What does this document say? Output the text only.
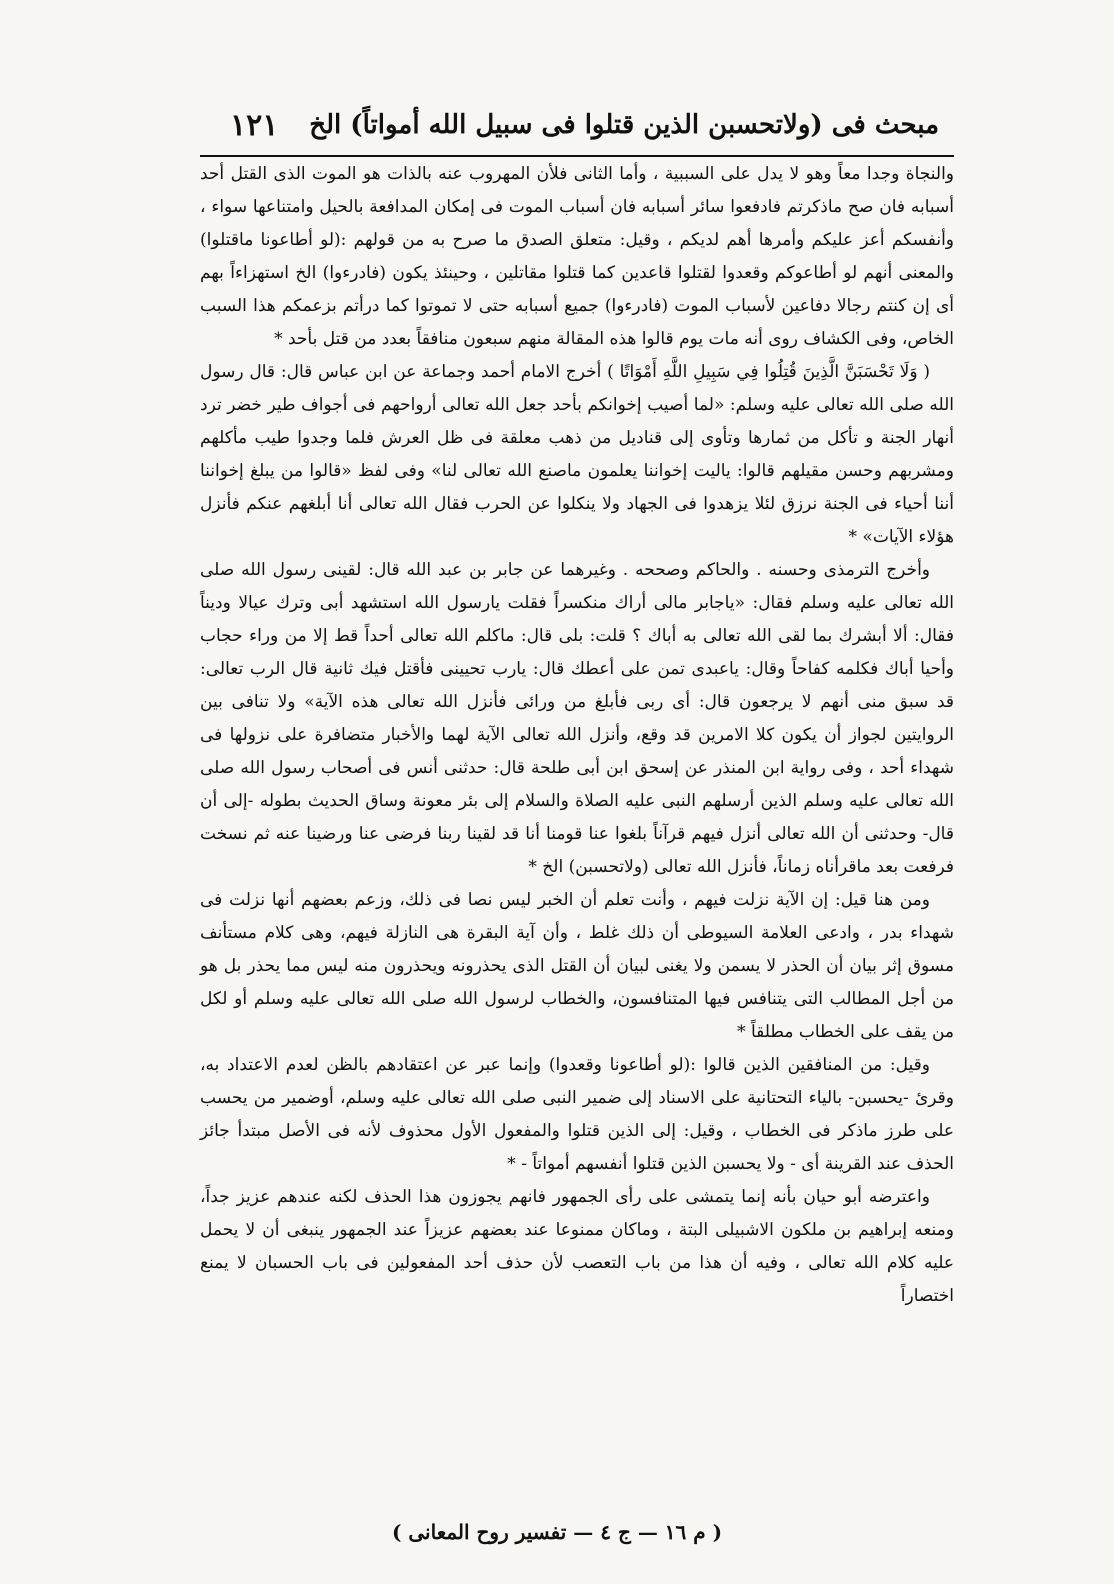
مبحث فى (ولاتحسبن الذين قتلوا فى سبيل الله أمواتاً) الخ
١٢١

والنجاة وجدا معاً وهو لا يدل على السببية ، وأما الثانى فلأن المهروب عنه بالذات هو الموت الذى القتل أحد أسبابه فان صح ماذكرتم فادفعوا سائر أسبابه فان أسباب الموت فى إمكان المدافعة بالحيل وامتناعها سواء ، وأنفسكم أعز عليكم وأمرها أهم لديكم ، وقيل: متعلق الصدق ما صرح به من قولهم :(لو أطاعونا ماقتلوا) والمعنى أنهم لو أطاعوكم وقعدوا لقتلوا قاعدين كما قتلوا مقاتلين ، وحينئذ يكون (فادرءوا) الخ استهزاءاً بهم أى إن كنتم رجالا دفاعين لأسباب الموت (فادرءوا) جميع أسبابه حتى لا تموتوا كما درأتم بزعمكم هذا السبب الخاص، وفى الكشاف روى أنه مات يوم قالوا هذه المقالة منهم سبعون منافقاً بعدد من قتل بأحد *

( وَلَا تَحْسَبَنَّ الَّذِينَ قُتِلُوا فِي سَبِيلِ اللَّهِ أَمْوَاتًا ) أخرج الامام أحمد وجماعة عن ابن عباس قال: قال رسول الله صلى الله تعالى عليه وسلم: «لما أصيب إخوانكم بأحد جعل الله تعالى أرواحهم فى أجواف طير خضر ترد أنهار الجنة و تأكل من ثمارها وتأوى إلى قناديل من ذهب معلقة فى ظل العرش فلما وجدوا طيب مأكلهم ومشربهم وحسن مقيلهم قالوا: ياليت إخواننا يعلمون ماصنع الله تعالى لنا» وفى لفظ «قالوا من يبلغ إخواننا أننا أحياء فى الجنة نرزق لئلا يزهدوا فى الجهاد ولا ينكلوا عن الحرب فقال الله تعالى أنا أبلغهم عنكم فأنزل هؤلاء الآيات» *

وأخرج الترمذى وحسنه . والحاكم وصححه . وغيرهما عن جابر بن عبد الله قال: لقينى رسول الله صلى الله تعالى عليه وسلم فقال: «ياجابر مالى أراك منكسراً فقلت يارسول الله استشهد أبى وترك عيالا وديناً فقال: ألا أبشرك بما لقى الله تعالى به أباك ؟ قلت: بلى قال: ماكلم الله تعالى أحداً قط إلا من وراء حجاب وأحيا أباك فكلمه كفاحاً وقال: ياعبدى تمن على أعطك قال: يارب تحيينى فأقتل فيك ثانية قال الرب تعالى: قد سبق منى أنهم لا يرجعون قال: أى ربى فأبلغ من ورائى فأنزل الله تعالى هذه الآية» ولا تنافى بين الروايتين لجواز أن يكون كلا الامرين قد وقع، وأنزل الله تعالى الآية لهما والأخبار متضافرة على نزولها فى شهداء أحد ، وفى رواية ابن المنذر عن إسحق ابن أبى طلحة قال: حدثنى أنس فى أصحاب رسول الله صلى الله تعالى عليه وسلم الذين أرسلهم النبى عليه الصلاة والسلام إلى بئر معونة وساق الحديث بطوله -إلى أن قال- وحدثنى أن الله تعالى أنزل فيهم قرآناً بلغوا عنا قومنا أنا قد لقينا ربنا فرضى عنا ورضينا عنه ثم نسخت فرفعت بعد ماقرأناه زماناً، فأنزل الله تعالى (ولاتحسبن) الخ *

ومن هنا قيل: إن الآية نزلت فيهم ، وأنت تعلم أن الخبر ليس نصا فى ذلك، وزعم بعضهم أنها نزلت فى شهداء بدر ، وادعى العلامة السيوطى أن ذلك غلط ، وأن آية البقرة هى النازلة فيهم، وهى كلام مستأنف مسوق إثر بيان أن الحذر لا يسمن ولا يغنى لبيان أن القتل الذى يحذرونه ويحذرون منه ليس مما يحذر بل هو من أجل المطالب التى يتنافس فيها المتنافسون، والخطاب لرسول الله صلى الله تعالى عليه وسلم أو لكل من يقف على الخطاب مطلقاً *

وقيل: من المنافقين الذين قالوا :(لو أطاعونا وقعدوا) وإنما عبر عن اعتقادهم بالظن لعدم الاعتداد به، وقرئ -يحسبن- بالياء التحتانية على الاسناد إلى ضمير النبى صلى الله تعالى عليه وسلم، أوضمير من يحسب على طرز ماذكر فى الخطاب ، وقيل: إلى الذين قتلوا والمفعول الأول محذوف لأنه فى الأصل مبتدأ جائز الحذف عند القرينة أى - ولا يحسبن الذين قتلوا أنفسهم أمواتاً - *

واعترضه أبو حيان بأنه إنما يتمشى على رأى الجمهور فانهم يجوزون هذا الحذف لكنه عندهم عزيز جداً، ومنعه إبراهيم بن ملكون الاشبيلى البتة ، وماكان ممنوعا عند بعضهم عزيزاً عند الجمهور ينبغى أن لا يحمل عليه كلام الله تعالى ، وفيه أن هذا من باب التعصب لأن حذف أحد المفعولين فى باب الحسبان لا يمنع اختصاراً

( م ١٦ — ج ٤ — تفسير روح المعانى )
